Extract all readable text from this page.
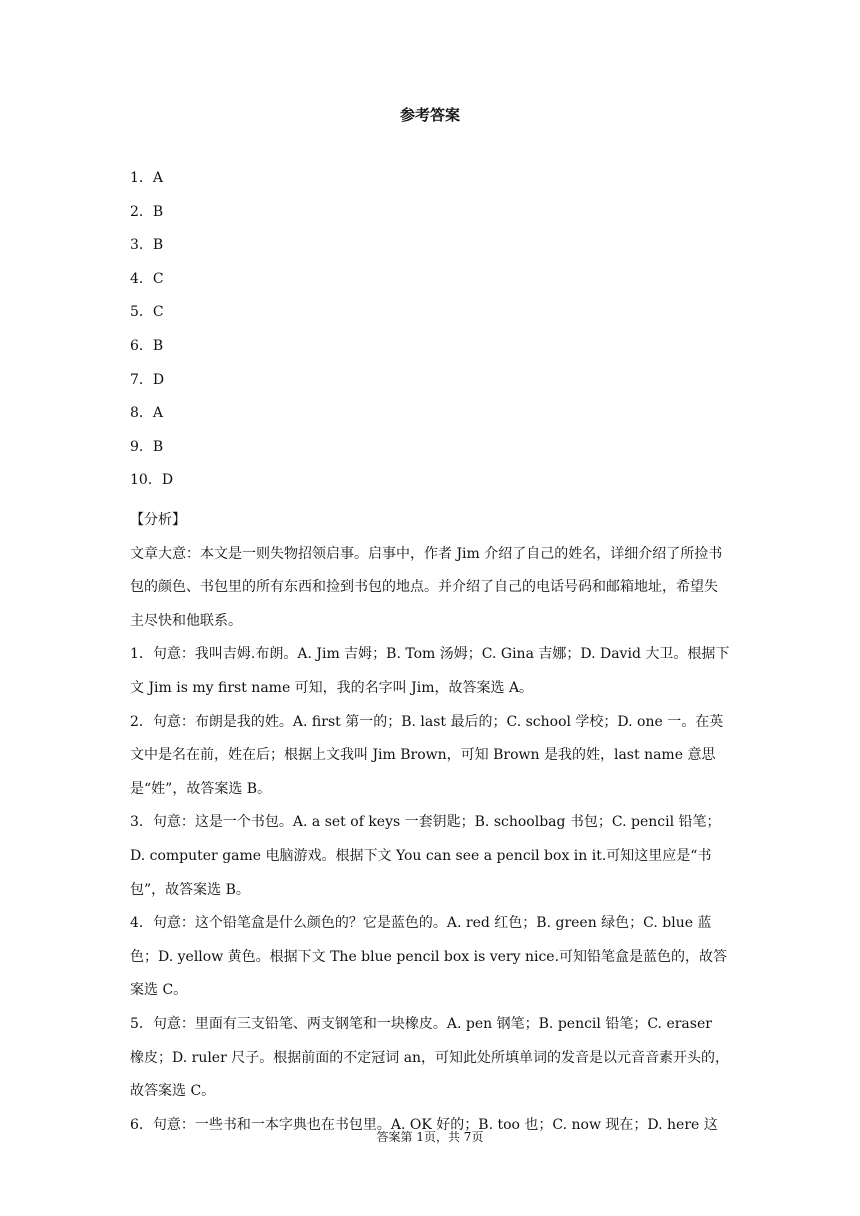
参考答案
1．A
2．B
3．B
4．C
5．C
6．B
7．D
8．A
9．B
10．D

【分析】

文章大意：本文是一则失物招领启事。启事中，作者 Jim 介绍了自己的姓名，详细介绍了所捡书包的颜色、书包里的所有东西和捡到书包的地点。并介绍了自己的电话号码和邮箱地址，希望失主尽快和他联系。

1．句意：我叫吉姆.布朗。A. Jim 吉姆；B. Tom 汤姆；C. Gina 吉娜；D. David 大卫。根据下文 Jim is my first name 可知，我的名字叫 Jim，故答案选 A。

2．句意：布朗是我的姓。A. first 第一的；B. last 最后的；C. school 学校；D. one 一。在英文中是名在前，姓在后；根据上文我叫 Jim Brown，可知 Brown 是我的姓，last name 意思是“姓”，故答案选 B。

3．句意：这是一个书包。A. a set of keys 一套钥匙；B. schoolbag 书包；C. pencil 铅笔；D. computer game 电脑游戏。根据下文 You can see a pencil box in it.可知这里应是“书包”，故答案选 B。

4．句意：这个铅笔盒是什么颜色的？它是蓝色的。A. red 红色；B. green 绿色；C. blue 蓝色；D. yellow 黄色。根据下文 The blue pencil box is very nice.可知铅笔盒是蓝色的，故答案选 C。

5．句意：里面有三支铅笔、两支钢笔和一块橡皮。A. pen 钢笔；B. pencil 铅笔；C. eraser 橡皮；D. ruler 尺子。根据前面的不定冠词 an，可知此处所填单词的发音是以元音音素开头的，故答案选 C。

6．句意：一些书和一本字典也在书包里。A. OK 好的；B. too 也；C. now 现在；D. here 这

答案第 1页，共 7页
